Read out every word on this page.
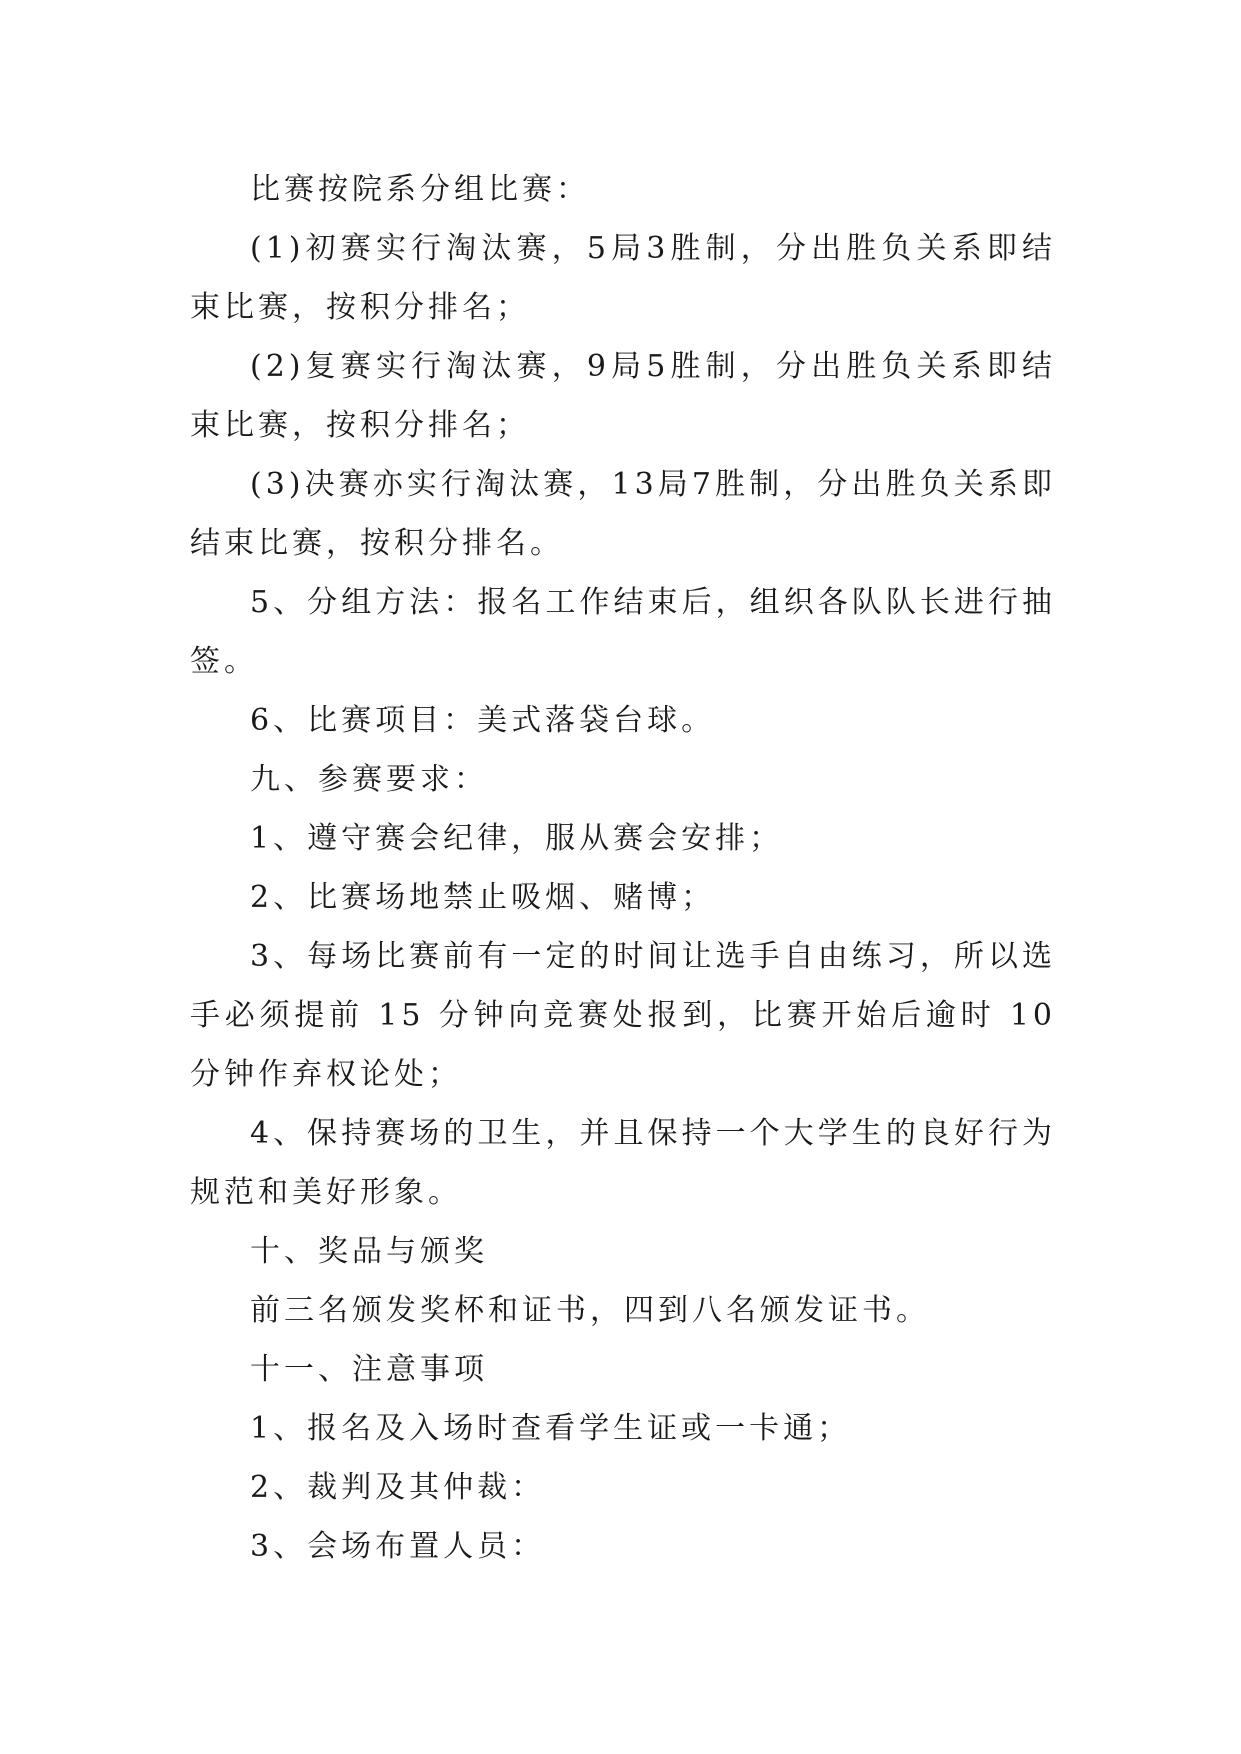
比赛按院系分组比赛：

(1)初赛实行淘汰赛，5局3胜制，分出胜负关系即结束比赛，按积分排名；

(2)复赛实行淘汰赛，9局5胜制，分出胜负关系即结束比赛，按积分排名；

(3)决赛亦实行淘汰赛，13局7胜制，分出胜负关系即结束比赛，按积分排名。

5、分组方法：报名工作结束后，组织各队队长进行抽签。

6、比赛项目：美式落袋台球。

九、参赛要求：

1、遵守赛会纪律，服从赛会安排；

2、比赛场地禁止吸烟、赌博；

3、每场比赛前有一定的时间让选手自由练习，所以选手必须提前 15 分钟向竞赛处报到，比赛开始后逾时 10 分钟作弃权论处；

4、保持赛场的卫生，并且保持一个大学生的良好行为规范和美好形象。

十、奖品与颁奖

前三名颁发奖杯和证书，四到八名颁发证书。

十一、注意事项

1、报名及入场时查看学生证或一卡通；

2、裁判及其仲裁：

3、会场布置人员：
